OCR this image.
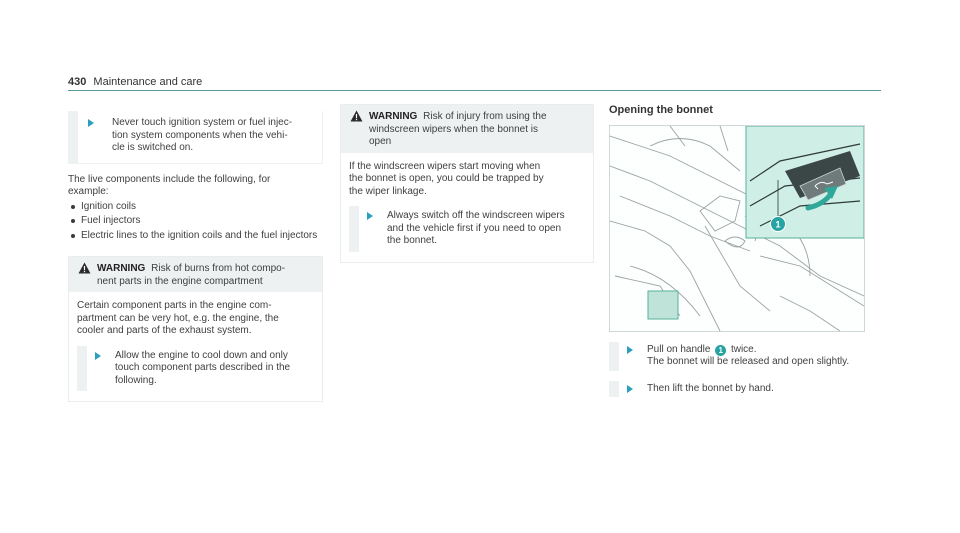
430 Maintenance and care
Never touch ignition system or fuel injec-
tion system components when the vehi-
cle is switched on.
The live components include the following, for
example:
Ignition coils
Fuel injectors
Electric lines to the ignition coils and the fuel injectors
WARNING Risk of burns from hot compo-
nent parts in the engine compartment
Certain component parts in the engine com-
partment can be very hot, e.g. the engine, the
cooler and parts of the exhaust system.
Allow the engine to cool down and only
touch component parts described in the
following.
WARNING Risk of injury from using the
windscreen wipers when the bonnet is
open
If the windscreen wipers start moving when
the bonnet is open, you could be trapped by
the wiper linkage.
Always switch off the windscreen wipers
and the vehicle first if you need to open
the bonnet.
Opening the bonnet
1
Pull on handle 1 twice.
The bonnet will be released and open slightly.
Then lift the bonnet by hand.
